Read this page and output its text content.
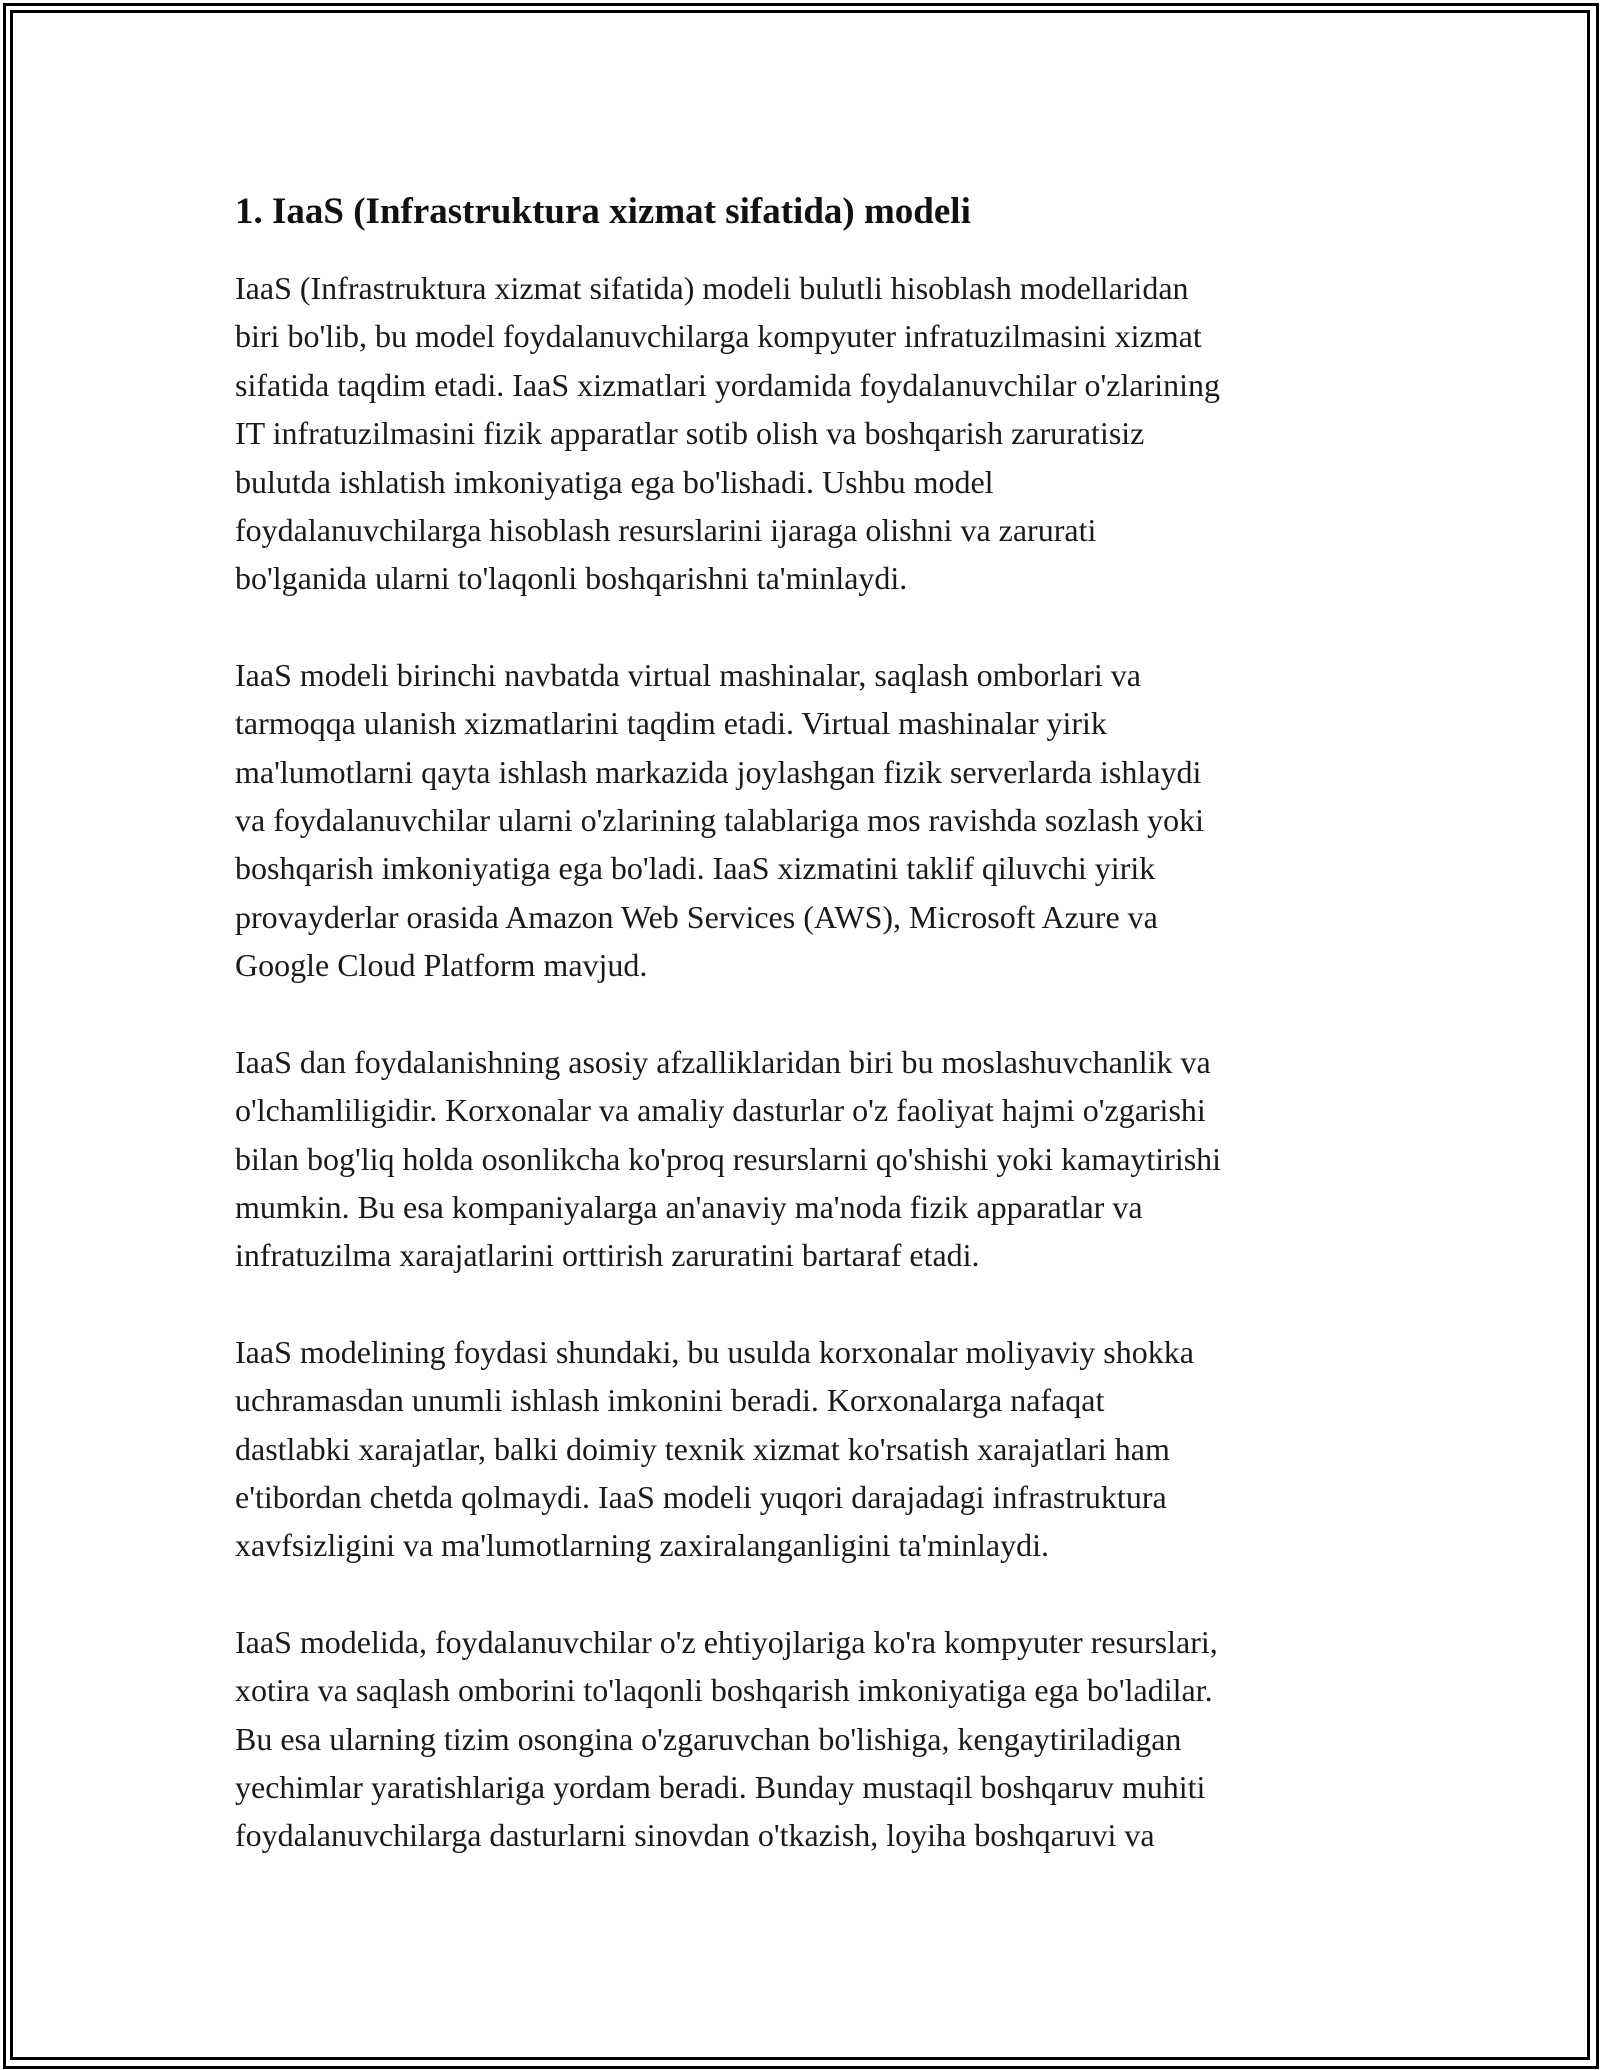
1. IaaS (Infrastruktura xizmat sifatida) modeli

IaaS (Infrastruktura xizmat sifatida) modeli bulutli hisoblash modellaridan
biri bo'lib, bu model foydalanuvchilarga kompyuter infratuzilmasini xizmat
sifatida taqdim etadi. IaaS xizmatlari yordamida foydalanuvchilar o'zlarining
IT infratuzilmasini fizik apparatlar sotib olish va boshqarish zaruratisiz
bulutda ishlatish imkoniyatiga ega bo'lishadi. Ushbu model
foydalanuvchilarga hisoblash resurslarini ijaraga olishni va zarurati
bo'lganida ularni to'laqonli boshqarishni ta'minlaydi.

IaaS modeli birinchi navbatda virtual mashinalar, saqlash omborlari va
tarmoqqa ulanish xizmatlarini taqdim etadi. Virtual mashinalar yirik
ma'lumotlarni qayta ishlash markazida joylashgan fizik serverlarda ishlaydi
va foydalanuvchilar ularni o'zlarining talablariga mos ravishda sozlash yoki
boshqarish imkoniyatiga ega bo'ladi. IaaS xizmatini taklif qiluvchi yirik
provayderlar orasida Amazon Web Services (AWS), Microsoft Azure va
Google Cloud Platform mavjud.

IaaS dan foydalanishning asosiy afzalliklaridan biri bu moslashuvchanlik va
o'lchamliligidir. Korxonalar va amaliy dasturlar o'z faoliyat hajmi o'zgarishi
bilan bog'liq holda osonlikcha ko'proq resurslarni qo'shishi yoki kamaytirishi
mumkin. Bu esa kompaniyalarga an'anaviy ma'noda fizik apparatlar va
infratuzilma xarajatlarini orttirish zaruratini bartaraf etadi.

IaaS modelining foydasi shundaki, bu usulda korxonalar moliyaviy shokka
uchramasdan unumli ishlash imkonini beradi. Korxonalarga nafaqat
dastlabki xarajatlar, balki doimiy texnik xizmat ko'rsatish xarajatlari ham
e'tibordan chetda qolmaydi. IaaS modeli yuqori darajadagi infrastruktura
xavfsizligini va ma'lumotlarning zaxiralanganligini ta'minlaydi.

IaaS modelida, foydalanuvchilar o'z ehtiyojlariga ko'ra kompyuter resurslari,
xotira va saqlash omborini to'laqonli boshqarish imkoniyatiga ega bo'ladilar.
Bu esa ularning tizim osongina o'zgaruvchan bo'lishiga, kengaytiriladigan
yechimlar yaratishlariga yordam beradi. Bunday mustaqil boshqaruv muhiti
foydalanuvchilarga dasturlarni sinovdan o'tkazish, loyiha boshqaruvi va
